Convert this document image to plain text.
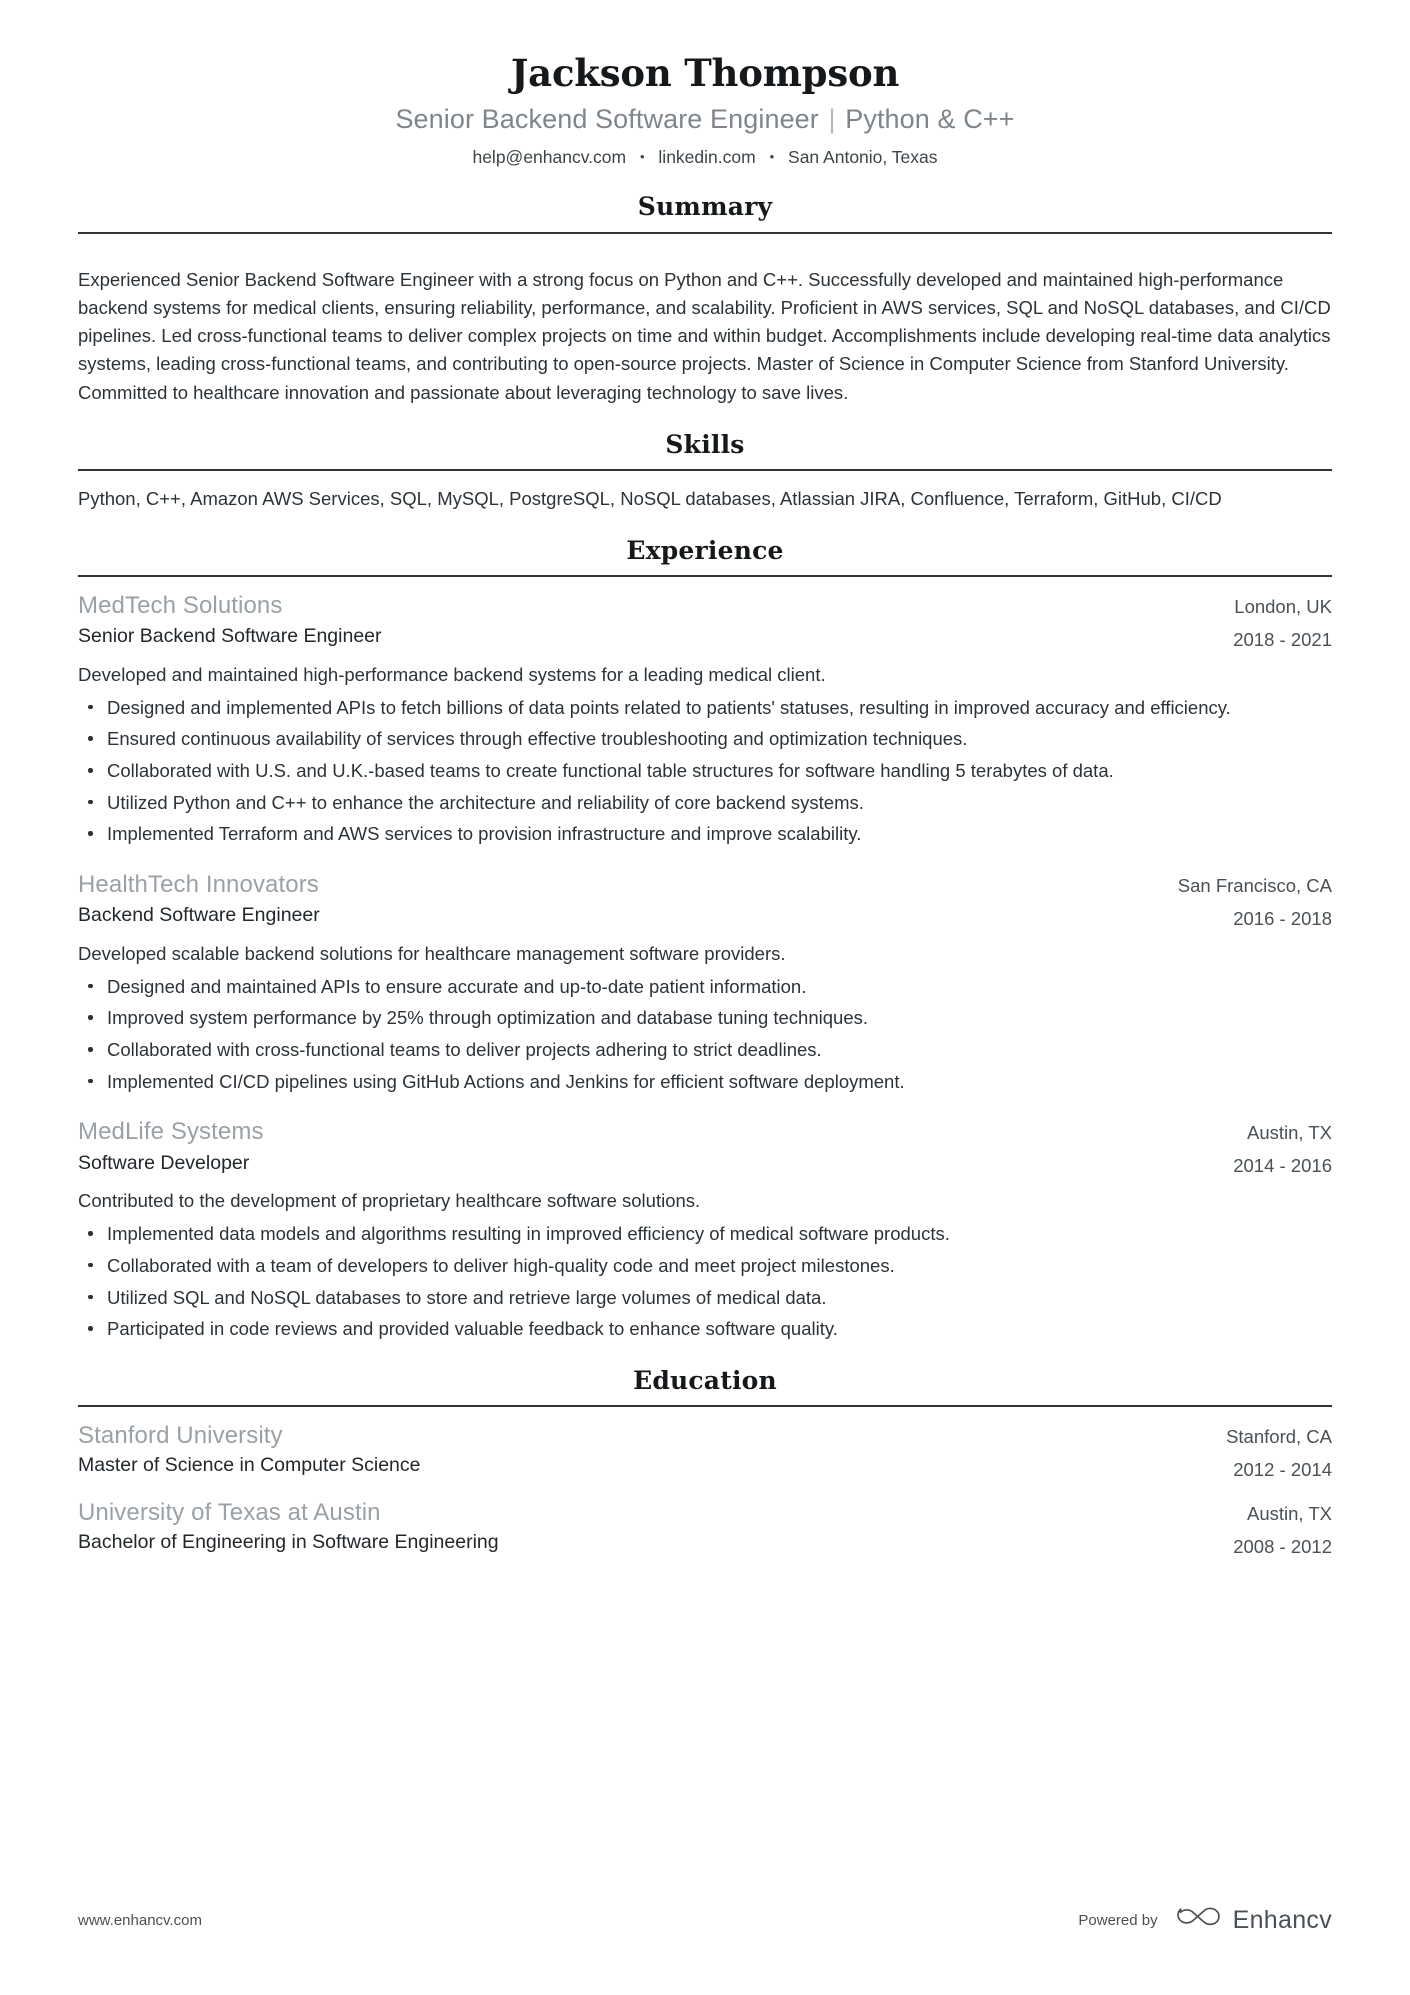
Jackson Thompson
Senior Backend Software Engineer | Python & C++
help@enhancv.com • linkedin.com • San Antonio, Texas
Summary

Experienced Senior Backend Software Engineer with a strong focus on Python and C++. Successfully developed and maintained high-performance backend systems for medical clients, ensuring reliability, performance, and scalability. Proficient in AWS services, SQL and NoSQL databases, and CI/CD pipelines. Led cross-functional teams to deliver complex projects on time and within budget. Accomplishments include developing real-time data analytics systems, leading cross-functional teams, and contributing to open-source projects. Master of Science in Computer Science from Stanford University. Committed to healthcare innovation and passionate about leveraging technology to save lives.

Skills
Python, C++, Amazon AWS Services, SQL, MySQL, PostgreSQL, NoSQL databases, Atlassian JIRA, Confluence, Terraform, GitHub, CI/CD
Experience
MedTech Solutions
Senior Backend Software Engineer
London, UK
2018 - 2021
Developed and maintained high-performance backend systems for a leading medical client.
Designed and implemented APIs to fetch billions of data points related to patients' statuses, resulting in improved accuracy and efficiency.
Ensured continuous availability of services through effective troubleshooting and optimization techniques.
Collaborated with U.S. and U.K.-based teams to create functional table structures for software handling 5 terabytes of data.
Utilized Python and C++ to enhance the architecture and reliability of core backend systems.
Implemented Terraform and AWS services to provision infrastructure and improve scalability.
HealthTech Innovators
Backend Software Engineer
San Francisco, CA
2016 - 2018
Developed scalable backend solutions for healthcare management software providers.
Designed and maintained APIs to ensure accurate and up-to-date patient information.
Improved system performance by 25% through optimization and database tuning techniques.
Collaborated with cross-functional teams to deliver projects adhering to strict deadlines.
Implemented CI/CD pipelines using GitHub Actions and Jenkins for efficient software deployment.
MedLife Systems
Software Developer
Austin, TX
2014 - 2016
Contributed to the development of proprietary healthcare software solutions.
Implemented data models and algorithms resulting in improved efficiency of medical software products.
Collaborated with a team of developers to deliver high-quality code and meet project milestones.
Utilized SQL and NoSQL databases to store and retrieve large volumes of medical data.
Participated in code reviews and provided valuable feedback to enhance software quality.
Education
Stanford University
Master of Science in Computer Science
Stanford, CA
2012 - 2014
University of Texas at Austin
Bachelor of Engineering in Software Engineering
Austin, TX
2008 - 2012
www.enhancv.com	Powered by	Enhancv
